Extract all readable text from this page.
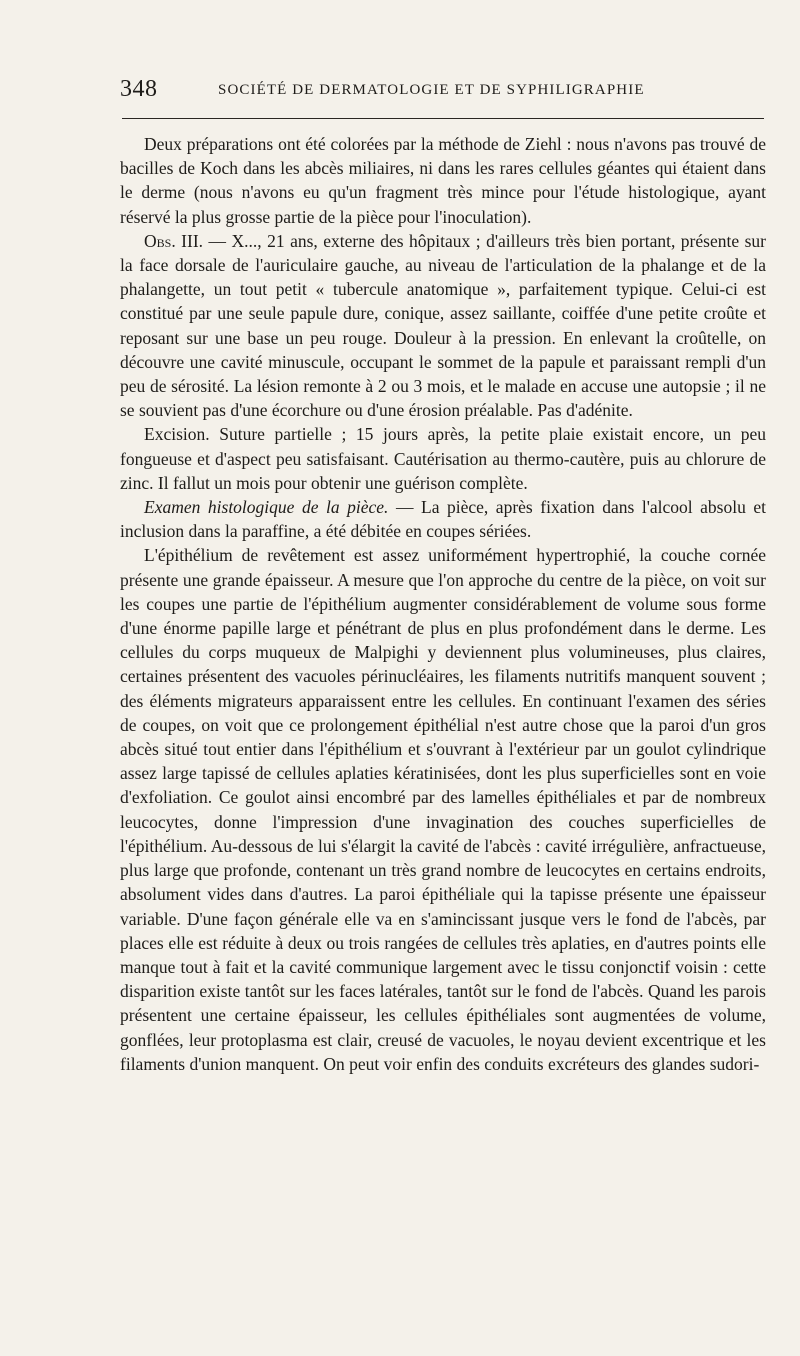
348	SOCIÉTÉ DE DERMATOLOGIE ET DE SYPHILIGRAPHIE

Deux préparations ont été colorées par la méthode de Ziehl : nous n'avons pas trouvé de bacilles de Koch dans les abcès miliaires, ni dans les rares cellules géantes qui étaient dans le derme (nous n'avons eu qu'un fragment très mince pour l'étude histologique, ayant réservé la plus grosse partie de la pièce pour l'inoculation).

Obs. III. — X..., 21 ans, externe des hôpitaux ; d'ailleurs très bien portant, présente sur la face dorsale de l'auriculaire gauche, au niveau de l'articulation de la phalange et de la phalangette, un tout petit « tubercule anatomique », parfaitement typique. Celui-ci est constitué par une seule papule dure, conique, assez saillante, coiffée d'une petite croûte et reposant sur une base un peu rouge. Douleur à la pression. En enlevant la croûtelle, on découvre une cavité minuscule, occupant le sommet de la papule et paraissant rempli d'un peu de sérosité. La lésion remonte à 2 ou 3 mois, et le malade en accuse une autopsie ; il ne se souvient pas d'une écorchure ou d'une érosion préalable. Pas d'adénite.

Excision. Suture partielle ; 15 jours après, la petite plaie existait encore, un peu fongueuse et d'aspect peu satisfaisant. Cautérisation au thermo-cautère, puis au chlorure de zinc. Il fallut un mois pour obtenir une guérison complète.

Examen histologique de la pièce. — La pièce, après fixation dans l'alcool absolu et inclusion dans la paraffine, a été débitée en coupes sériées.

L'épithélium de revêtement est assez uniformément hypertrophié, la couche cornée présente une grande épaisseur. A mesure que l'on approche du centre de la pièce, on voit sur les coupes une partie de l'épithélium augmenter considérablement de volume sous forme d'une énorme papille large et pénétrant de plus en plus profondément dans le derme. Les cellules du corps muqueux de Malpighi y deviennent plus volumineuses, plus claires, certaines présentent des vacuoles périnucléaires, les filaments nutritifs manquent souvent ; des éléments migrateurs apparaissent entre les cellules. En continuant l'examen des séries de coupes, on voit que ce prolongement épithélial n'est autre chose que la paroi d'un gros abcès situé tout entier dans l'épithélium et s'ouvrant à l'extérieur par un goulot cylindrique assez large tapissé de cellules aplaties kératinisées, dont les plus superficielles sont en voie d'exfoliation. Ce goulot ainsi encombré par des lamelles épithéliales et par de nombreux leucocytes, donne l'impression d'une invagination des couches superficielles de l'épithélium. Au-dessous de lui s'élargit la cavité de l'abcès : cavité irrégulière, anfractueuse, plus large que profonde, contenant un très grand nombre de leucocytes en certains endroits, absolument vides dans d'autres. La paroi épithéliale qui la tapisse présente une épaisseur variable. D'une façon générale elle va en s'amincissant jusque vers le fond de l'abcès, par places elle est réduite à deux ou trois rangées de cellules très aplaties, en d'autres points elle manque tout à fait et la cavité communique largement avec le tissu conjonctif voisin : cette disparition existe tantôt sur les faces latérales, tantôt sur le fond de l'abcès. Quand les parois présentent une certaine épaisseur, les cellules épithéliales sont augmentées de volume, gonflées, leur protoplasma est clair, creusé de vacuoles, le noyau devient excentrique et les filaments d'union manquent. On peut voir enfin des conduits excréteurs des glandes sudori-
